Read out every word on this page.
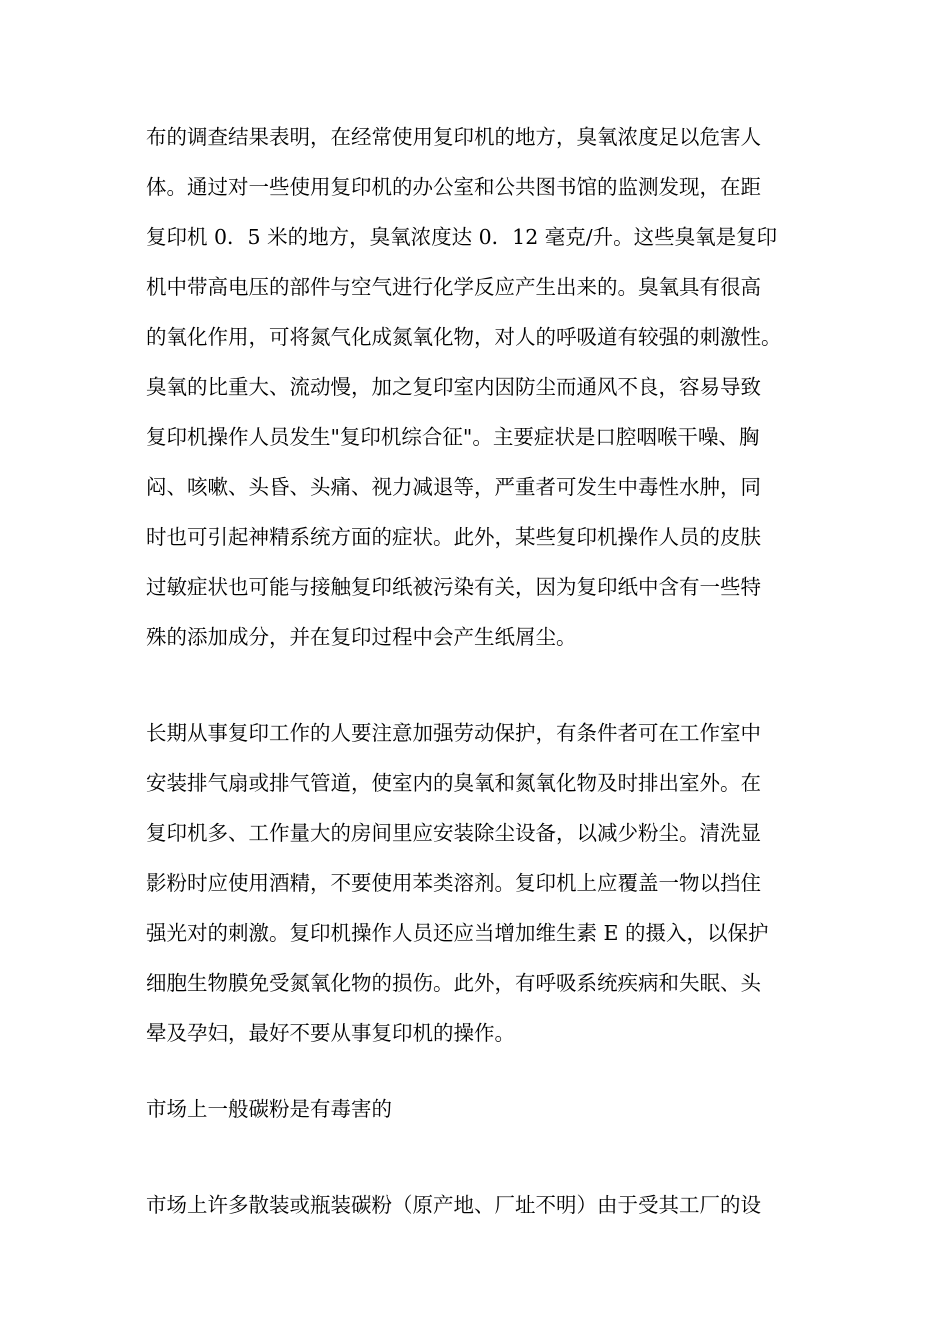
布的调查结果表明，在经常使用复印机的地方，臭氧浓度足以危害人
体。通过对一些使用复印机的办公室和公共图书馆的监测发现，在距
复印机 0．5 米的地方，臭氧浓度达 0．12 毫克/升。这些臭氧是复印
机中带高电压的部件与空气进行化学反应产生出来的。臭氧具有很高
的氧化作用，可将氮气化成氮氧化物，对人的呼吸道有较强的刺激性。
臭氧的比重大、流动慢，加之复印室内因防尘而通风不良，容易导致
复印机操作人员发生"复印机综合征"。主要症状是口腔咽喉干噪、胸
闷、咳嗽、头昏、头痛、视力减退等，严重者可发生中毒性水肿，同
时也可引起神精系统方面的症状。此外，某些复印机操作人员的皮肤
过敏症状也可能与接触复印纸被污染有关，因为复印纸中含有一些特
殊的添加成分，并在复印过程中会产生纸屑尘。
长期从事复印工作的人要注意加强劳动保护，有条件者可在工作室中
安装排气扇或排气管道，使室内的臭氧和氮氧化物及时排出室外。在
复印机多、工作量大的房间里应安装除尘设备，以减少粉尘。清洗显
影粉时应使用酒精，不要使用苯类溶剂。复印机上应覆盖一物以挡住
强光对的刺激。复印机操作人员还应当增加维生素 E 的摄入，以保护
细胞生物膜免受氮氧化物的损伤。此外，有呼吸系统疾病和失眠、头
晕及孕妇，最好不要从事复印机的操作。
市场上一般碳粉是有毒害的
市场上许多散装或瓶装碳粉（原产地、厂址不明）由于受其工厂的设
